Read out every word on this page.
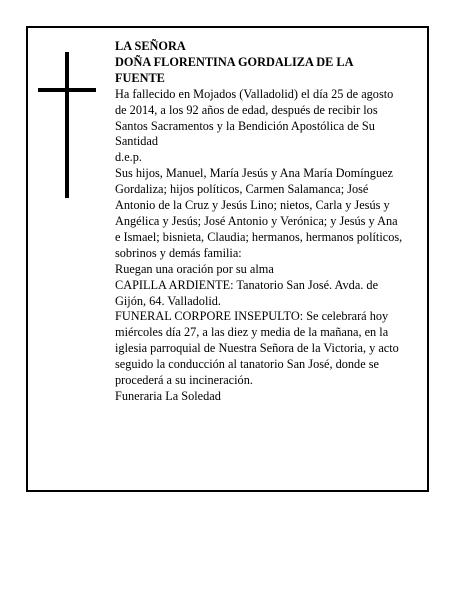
LA SEÑORA

DOÑA FLORENTINA GORDALIZA DE LA FUENTE

Ha fallecido en Mojados (Valladolid) el día 25 de agosto de 2014, a los 92 años de edad, después de recibir los Santos Sacramentos y la Bendición Apostólica de Su Santidad

d.e.p.

Sus hijos, Manuel, María Jesús y Ana María Domínguez Gordaliza; hijos políticos, Carmen Salamanca; José Antonio de la Cruz y Jesús Lino; nietos, Carla y Jesús y Angélica y Jesús; José Antonio y Verónica; y Jesús y Ana e Ismael; bisnieta, Claudia; hermanos, hermanos políticos, sobrinos y demás familia:

Ruegan una oración por su alma

CAPILLA ARDIENTE: Tanatorio San José. Avda. de Gijón, 64. Valladolid.

FUNERAL CORPORE INSEPULTO: Se celebrará hoy miércoles día 27, a las diez y media de la mañana, en la iglesia parroquial de Nuestra Señora de la Victoria, y acto seguido la conducción al tanatorio San José, donde se procederá a su incineración.

Funeraria La Soledad
